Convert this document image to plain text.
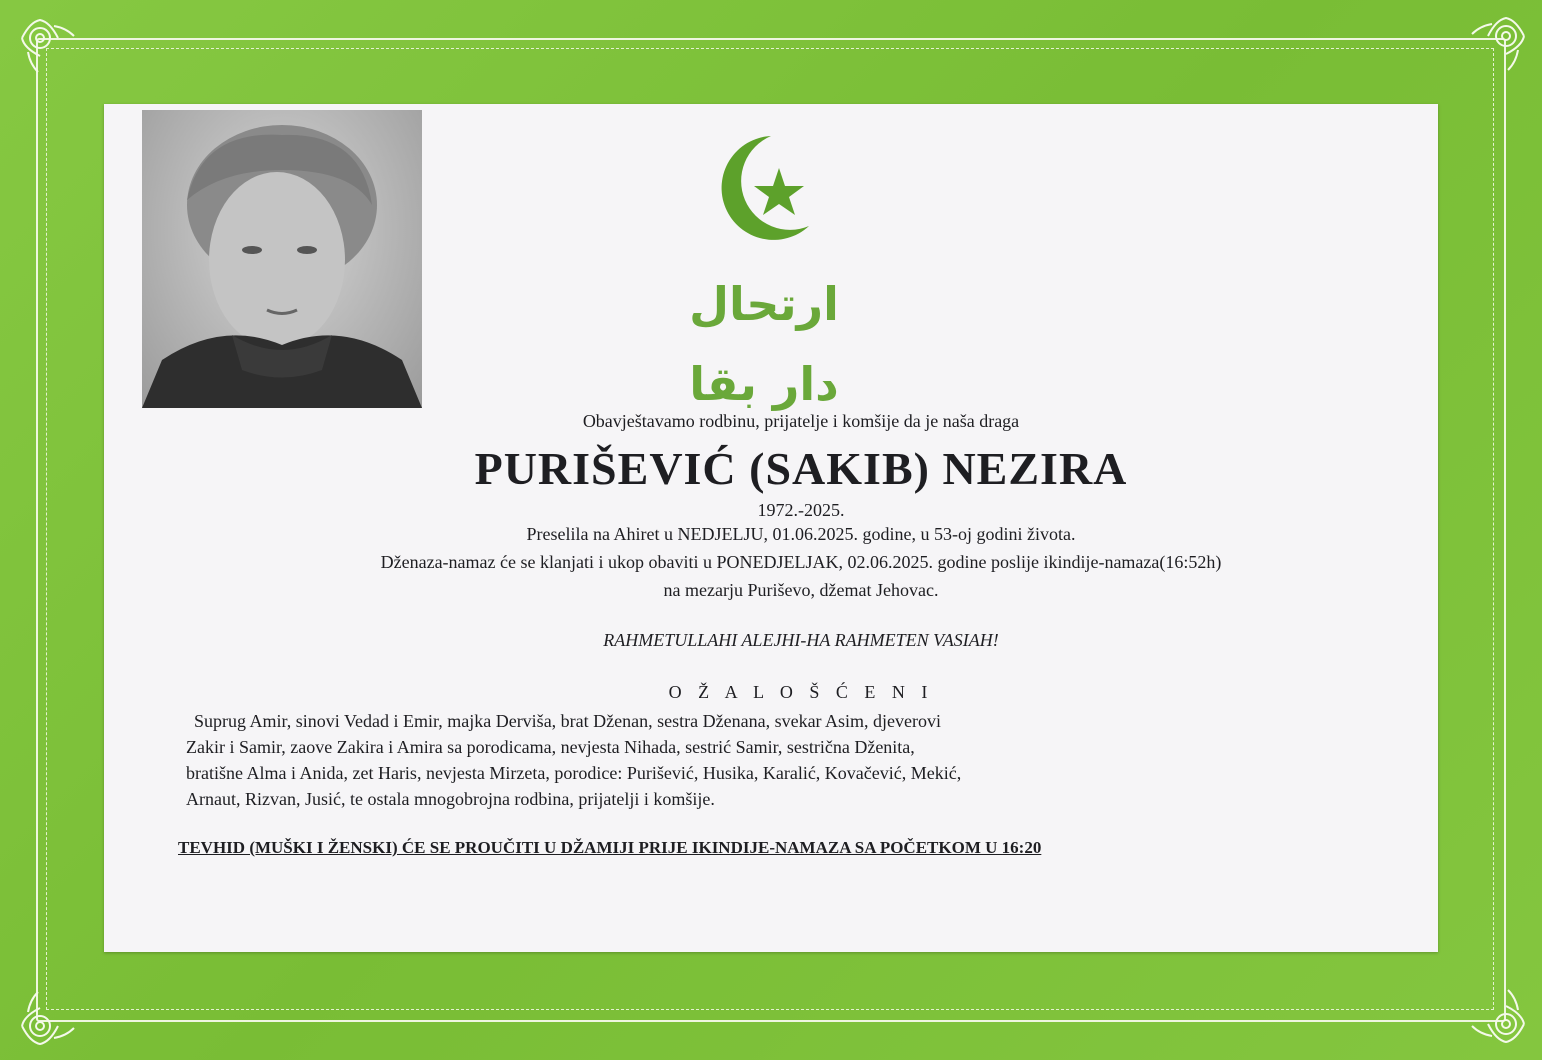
ارتحال دار بقا
Obavještavamo rodbinu, prijatelje i komšije da je naša draga
PURIŠEVIĆ (SAKIB) NEZIRA
1972.-2025.
Preselila na Ahiret u NEDJELJU, 01.06.2025. godine, u 53-oj godini života.
Dženaza-namaz će se klanjati i ukop obaviti u PONEDJELJAK, 02.06.2025. godine poslije ikindije-namaza(16:52h)
na mezarju Puriševo, džemat Jehovac.
RAHMETULLAHI ALEJHI-HA RAHMETEN VASIAH!
O Ž A L O Š Ć E N I
Suprug Amir, sinovi Vedad i Emir, majka Derviša, brat Dženan, sestra Dženana, svekar Asim, djeverovi
Zakir i Samir, zaove Zakira i Amira sa porodicama, nevjesta Nihada, sestrić Samir, sestrična Dženita,
bratišne Alma i Anida, zet Haris, nevjesta Mirzeta, porodice: Purišević, Husika, Karalić, Kovačević, Mekić,
Arnaut, Rizvan, Jusić, te ostala mnogobrojna rodbina, prijatelji i komšije.
TEVHID (MUŠKI I ŽENSKI) ĆE SE PROUČITI U DŽAMIJI PRIJE IKINDIJE-NAMAZA SA POČETKOM U 16:20
